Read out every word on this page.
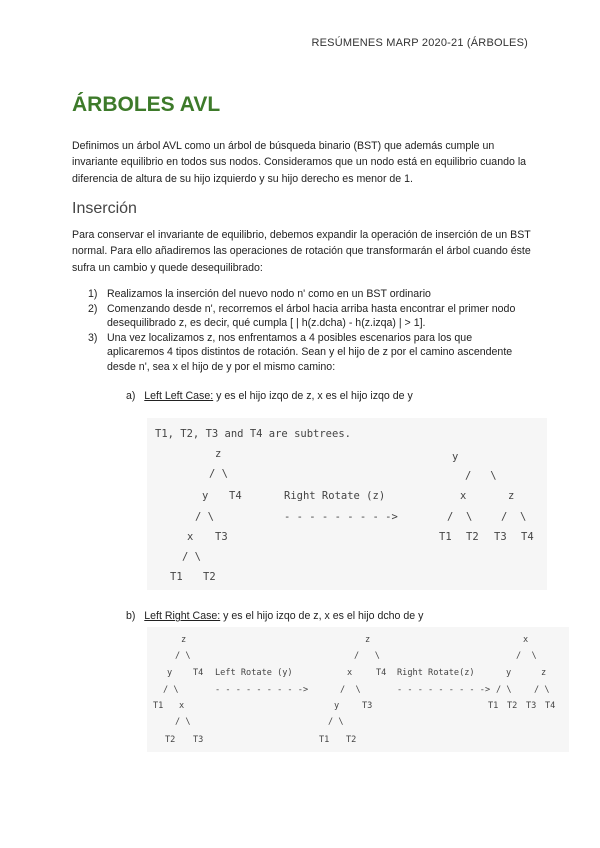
RESÚMENES MARP 2020-21 (ÁRBOLES)
ÁRBOLES AVL

Definimos un árbol AVL como un árbol de búsqueda binario (BST) que además cumple un invariante equilibrio en todos sus nodos. Consideramos que un nodo está en equilibrio cuando la diferencia de altura de su hijo izquierdo y su hijo derecho es menor de 1.

Inserción

Para conservar el invariante de equilibrio, debemos expandir la operación de inserción de un BST normal. Para ello añadiremos las operaciones de rotación que transformarán el árbol cuando éste sufra un cambio y quede desequilibrado:

1) Realizamos la inserción del nuevo nodo n' como en un BST ordinario
2) Comenzando desde n', recorremos el árbol hacia arriba hasta encontrar el primer nodo desequilibrado z, es decir, qué cumpla [ | h(z.dcha) - h(z.izqa) | > 1].
3) Una vez localizamos z, nos enfrentamos a 4 posibles escenarios para los que aplicaremos 4 tipos distintos de rotación. Sean y el hijo de z por el camino ascendente desde n', sea x el hijo de y por el mismo camino:
a) Left Left Case: y es el hijo izqo de z, x es el hijo izqo de y
T1, T2, T3 and T4 are subtrees.
z
/ \
y T4
/ \
x T3
/ \
T1 T2
Right Rotate (z)
- - - - - - - - ->
y
/   \
x	z
/  \	/  \
T1 T2 T3 T4
b) Left Right Case: y es el hijo izqo de z, x es el hijo dcho de y
z
/ \
y T4
/ \
T1 x
/ \
T2 T3
Left Rotate (y)
- - - - - - - - ->
z
/   \
x	T4
/  \
y	T3
/ \
T1 T2
Right Rotate(z)
- - - - - - - - ->
x
/  \
y	z
/ \	/ \
T1 T2 T3 T4
